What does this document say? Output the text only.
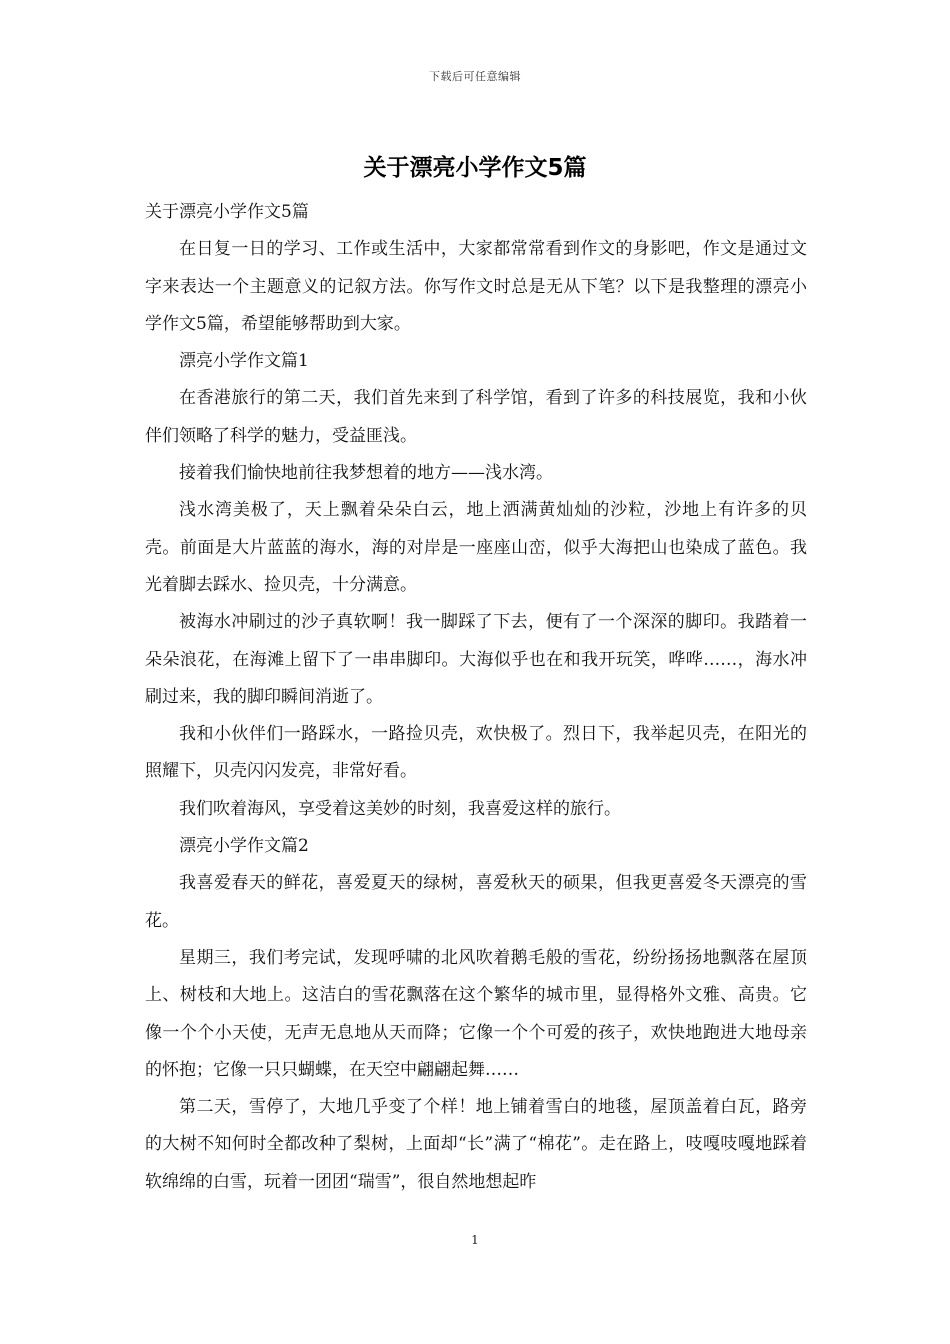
下载后可任意编辑
关于漂亮小学作文5篇

关于漂亮小学作文5篇

在日复一日的学习、工作或生活中，大家都常常看到作文的身影吧，作文是通过文字来表达一个主题意义的记叙方法。你写作文时总是无从下笔？以下是我整理的漂亮小学作文5篇，希望能够帮助到大家。

漂亮小学作文篇1

在香港旅行的第二天，我们首先来到了科学馆，看到了许多的科技展览，我和小伙伴们领略了科学的魅力，受益匪浅。

接着我们愉快地前往我梦想着的地方——浅水湾。

浅水湾美极了，天上飘着朵朵白云，地上洒满黄灿灿的沙粒，沙地上有许多的贝壳。前面是大片蓝蓝的海水，海的对岸是一座座山峦，似乎大海把山也染成了蓝色。我光着脚去踩水、捡贝壳，十分满意。

被海水冲刷过的沙子真软啊！我一脚踩了下去，便有了一个深深的脚印。我踏着一朵朵浪花，在海滩上留下了一串串脚印。大海似乎也在和我开玩笑，哗哗……，海水冲刷过来，我的脚印瞬间消逝了。

我和小伙伴们一路踩水，一路捡贝壳，欢快极了。烈日下，我举起贝壳，在阳光的照耀下，贝壳闪闪发亮，非常好看。

我们吹着海风，享受着这美妙的时刻，我喜爱这样的旅行。

漂亮小学作文篇2

我喜爱春天的鲜花，喜爱夏天的绿树，喜爱秋天的硕果，但我更喜爱冬天漂亮的雪花。

星期三，我们考完试，发现呼啸的北风吹着鹅毛般的雪花，纷纷扬扬地飘落在屋顶上、树枝和大地上。这洁白的雪花飘落在这个繁华的城市里，显得格外文雅、高贵。它像一个个小天使，无声无息地从天而降；它像一个个可爱的孩子，欢快地跑进大地母亲的怀抱；它像一只只蝴蝶，在天空中翩翩起舞……

第二天，雪停了，大地几乎变了个样！地上铺着雪白的地毯，屋顶盖着白瓦，路旁的大树不知何时全都改种了梨树，上面却“长”满了“棉花”。走在路上，吱嘎吱嘎地踩着软绵绵的白雪，玩着一团团“瑞雪”，很自然地想起昨

1
